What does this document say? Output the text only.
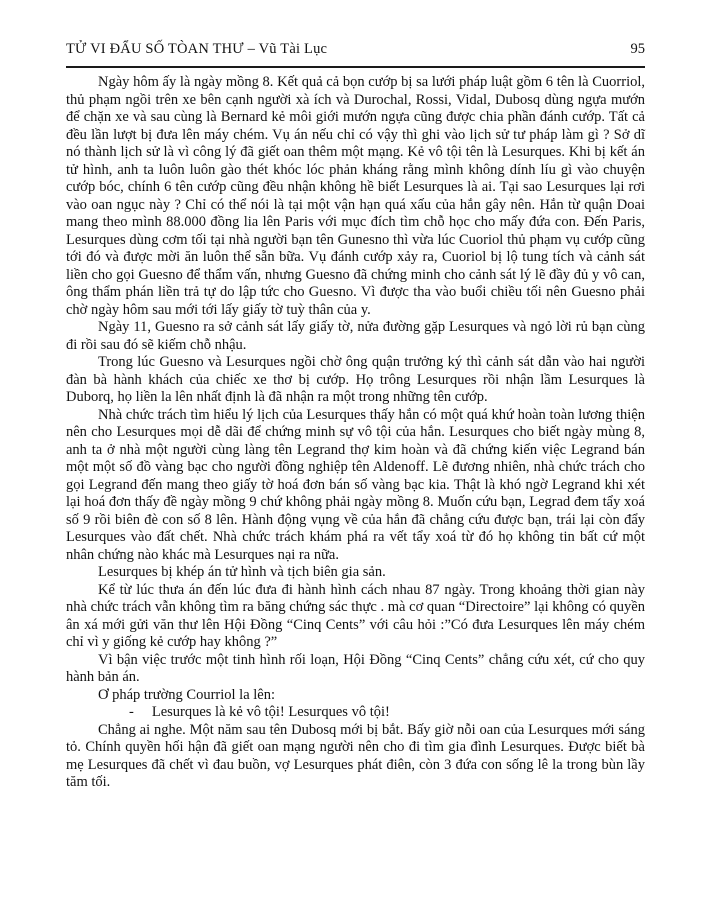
TỬ VI ĐẨU SỐ TÒAN THƯ – Vũ Tài Lục	95

Ngày hôm ấy là ngày mồng 8. Kết quả cả bọn cướp bị sa lưới pháp luật gồm 6 tên là Cuorriol, thủ phạm ngồi trên xe bên cạnh người xà ích và Durochal, Rossi, Vidal, Dubosq dùng ngựa mướn để chặn xe và sau cùng là Bernard kẻ môi giới mướn ngựa cũng được chia phần đánh cướp. Tất cả đều lần lượt bị đưa lên máy chém. Vụ án nếu chỉ có vậy thì ghi vào lịch sử tư pháp làm gì ? Sở dĩ nó thành lịch sử là vì công lý đã giết oan thêm một mạng. Kẻ vô tội tên là Lesurques. Khi bị kết án tử hình, anh ta luôn luôn gào thét khóc lóc phản kháng rằng mình không dính líu gì vào chuyện cướp bóc, chính 6 tên cướp cũng đều nhận không hề biết Lesurques là ai. Tại sao Lesurques lại rơi vào oan ngục này ? Chỉ có thể nói là tại một vận hạn quá xấu của hắn gây nên. Hắn từ quận Doai mang theo mình 88.000 đồng lia lên Paris với mục đích tìm chỗ học cho mấy đứa con. Đến Paris, Lesurques dùng cơm tối tại nhà người bạn tên Gunesno thì vừa lúc Cuoriol thủ phạm vụ cướp cũng tới đó và được mời ăn luôn thể sẵn bữa. Vụ đánh cướp xảy ra, Cuoriol bị lộ tung tích và cảnh sát liền cho gọi Guesno để thẩm vấn, nhưng Guesno đã chứng minh cho cảnh sát lý lẽ đầy đủ y vô can, ông thẩm phán liền trả tự do lập tức cho Guesno. Vì được tha vào buổi chiều tối nên Guesno phải chờ ngày hôm sau mới tới lấy giấy tờ tuỳ thân của y.

Ngày 11, Guesno ra sở cảnh sát lấy giấy tờ, nửa đường gặp Lesurques và ngỏ lời rủ bạn cùng đi rồi sau đó sẽ kiếm chỗ nhậu.

Trong lúc Guesno và Lesurques ngồi chờ ông quận trưởng ký thì cảnh sát dẫn vào hai người đàn bà hành khách của chiếc xe thơ bị cướp. Họ trông Lesurques rồi nhận lầm Lesurques là Duborq, họ liền la lên nhất định là đã nhận ra một trong những tên cướp.

Nhà chức trách tìm hiểu lý lịch của Lesurques thấy hắn có một quá khứ hoàn toàn lương thiện nên cho Lesurques mọi dễ dãi để chứng minh sự vô tội của hắn. Lesurques cho biết ngày mùng 8, anh ta ở nhà một người cùng làng tên Legrand thợ kim hoàn và đã chứng kiến việc Legrand bán một một số đồ vàng bạc cho người đồng nghiệp tên Aldenoff. Lẽ đương nhiên, nhà chức trách cho gọi Legrand đến mang theo giấy tờ hoá đơn bán số vàng bạc kia. Thật là khó ngờ Legrand khi xét lại hoá đơn thấy đề ngày mồng 9 chứ không phải ngày mồng 8. Muốn cứu bạn, Legrad đem tẩy xoá số 9 rồi biên đè con số 8 lên. Hành động vụng về của hắn đã chẳng cứu được bạn, trái lại còn đẩy Lesurques vào đất chết. Nhà chức trách khám phá ra vết tẩy xoá từ đó họ không tin bất cứ một nhân chứng nào khác mà Lesurques nại ra nữa.

Lesurques bị khép án tử hình và tịch biên gia sản.

Kể từ lúc thưa án đến lúc đưa đi hành hình cách nhau 87 ngày. Trong khoảng thời gian này nhà chức trách vẫn không tìm ra băng chứng sác thực . mà cơ quan “Directoire” lại không có quyền ân xá mới gửi văn thư lên Hội Đồng “Cinq Cents” với câu hỏi :”Có đưa Lesurques lên máy chém chỉ vì y giống kẻ cướp hay không ?”

Vì bận việc trước một tinh hình rối loạn, Hội Đồng “Cinq Cents” chẳng cứu xét, cứ cho quy hành bản án.

Ơ pháp trường Courriol la lên:

- Lesurques là kẻ vô tội! Lesurques vô tội!

Chẳng ai nghe. Một năm sau tên Dubosq mới bị bắt. Bấy giờ nỗi oan của Lesurques mới sáng tỏ. Chính quyền hối hận đã giết oan mạng người nên cho đi tìm gia đình Lesurques. Được biết bà mẹ Lesurques đã chết vì đau buồn, vợ Lesurques phát điên, còn 3 đứa con sống lê la trong bùn lầy tăm tối.
